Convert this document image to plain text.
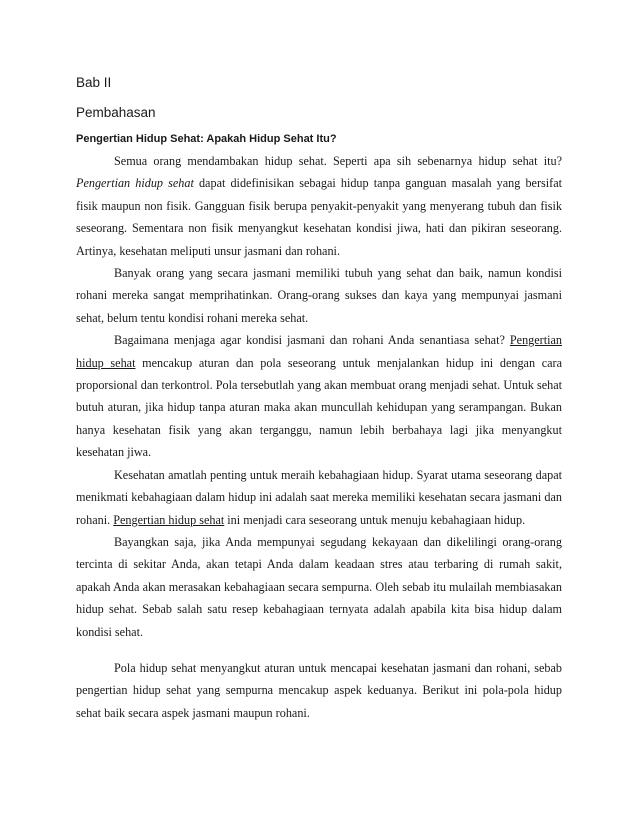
Bab II

Pembahasan

Pengertian Hidup Sehat: Apakah Hidup Sehat Itu?

Semua orang mendambakan hidup sehat. Seperti apa sih sebenarnya hidup sehat itu? Pengertian hidup sehat dapat didefinisikan sebagai hidup tanpa ganguan masalah yang bersifat fisik maupun non fisik. Gangguan fisik berupa penyakit-penyakit yang menyerang tubuh dan fisik seseorang. Sementara non fisik menyangkut kesehatan kondisi jiwa, hati dan pikiran seseorang. Artinya, kesehatan meliputi unsur jasmani dan rohani.

Banyak orang yang secara jasmani memiliki tubuh yang sehat dan baik, namun kondisi rohani mereka sangat memprihatinkan. Orang-orang sukses dan kaya yang mempunyai jasmani sehat, belum tentu kondisi rohani mereka sehat.

Bagaimana menjaga agar kondisi jasmani dan rohani Anda senantiasa sehat? Pengertian hidup sehat mencakup aturan dan pola seseorang untuk menjalankan hidup ini dengan cara proporsional dan terkontrol. Pola tersebutlah yang akan membuat orang menjadi sehat. Untuk sehat butuh aturan, jika hidup tanpa aturan maka akan muncullah kehidupan yang serampangan. Bukan hanya kesehatan fisik yang akan terganggu, namun lebih berbahaya lagi jika menyangkut kesehatan jiwa.

Kesehatan amatlah penting untuk meraih kebahagiaan hidup. Syarat utama seseorang dapat menikmati kebahagiaan dalam hidup ini adalah saat mereka memiliki kesehatan secara jasmani dan rohani. Pengertian hidup sehat ini menjadi cara seseorang untuk menuju kebahagiaan hidup.

Bayangkan saja, jika Anda mempunyai segudang kekayaan dan dikelilingi orang-orang tercinta di sekitar Anda, akan tetapi Anda dalam keadaan stres atau terbaring di rumah sakit, apakah Anda akan merasakan kebahagiaan secara sempurna. Oleh sebab itu mulailah membiasakan hidup sehat. Sebab salah satu resep kebahagiaan ternyata adalah apabila kita bisa hidup dalam kondisi sehat.

Pola hidup sehat menyangkut aturan untuk mencapai kesehatan jasmani dan rohani, sebab pengertian hidup sehat yang sempurna mencakup aspek keduanya. Berikut ini pola-pola hidup sehat baik secara aspek jasmani maupun rohani.
